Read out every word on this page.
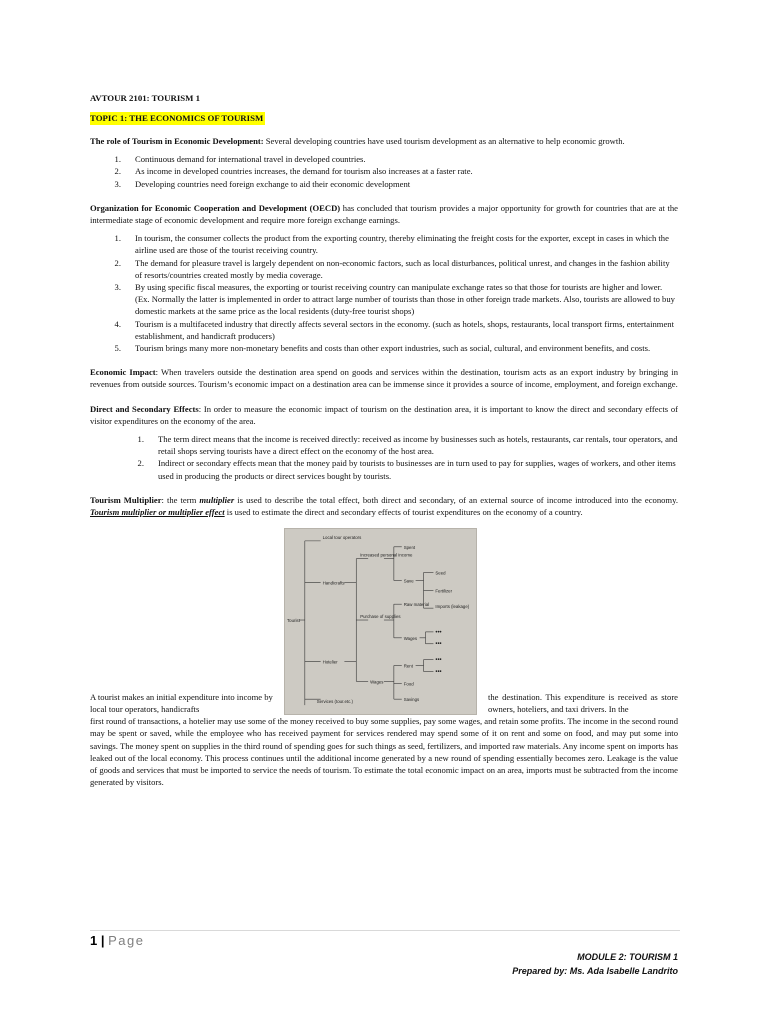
AVTOUR 2101: TOURISM 1

TOPIC 1: THE ECONOMICS OF TOURISM

The role of Tourism in Economic Development: Several developing countries have used tourism development as an alternative to help economic growth.

1.	Continuous demand for international travel in developed countries.
2.	As income in developed countries increases, the demand for tourism also increases at a faster rate.
3.	Developing countries need foreign exchange to aid their economic development

Organization for Economic Cooperation and Development (OECD) has concluded that tourism provides a major opportunity for growth for countries that are at the intermediate stage of economic development and require more foreign exchange earnings.

1.	In tourism, the consumer collects the product from the exporting country, thereby eliminating the freight costs for the exporter, except in cases in which the airline used are those of the tourist receiving country.
2.	The demand for pleasure travel is largely dependent on non-economic factors, such as local disturbances, political unrest, and changes in the fashion ability of resorts/countries created mostly by media coverage.
3.	By using specific fiscal measures, the exporting or tourist receiving country can manipulate exchange rates so that those for tourists are higher and lower. (Ex. Normally the latter is implemented in order to attract large number of tourists than those in other foreign trade markets. Also, tourists are allowed to buy domestic markets at the same price as the local residents (duty-free tourist shops)
4.	Tourism is a multifaceted industry that directly affects several sectors in the economy. (such as hotels, shops, restaurants, local transport firms, entertainment establishment, and handicraft producers)
5.	Tourism brings many more non-monetary benefits and costs than other export industries, such as social, cultural, and environment benefits, and costs.

Economic Impact: When travelers outside the destination area spend on goods and services within the destination, tourism acts as an export industry by bringing in revenues from outside sources. Tourism’s economic impact on a destination area can be immense since it provides a source of income, employment, and foreign exchange.

Direct and Secondary Effects: In order to measure the economic impact of tourism on the destination area, it is important to know the direct and secondary effects of visitor expenditures on the economy of the area.

1.	The term direct means that the income is received directly: received as income by businesses such as hotels, restaurants, car rentals, tour operators, and retail shops serving tourists have a direct effect on the economy of the host area.
2.	Indirect or secondary effects mean that the money paid by tourists to businesses are in turn used to pay for supplies, wages of workers, and other items used in producing the products or direct services bought by tourists.

Tourism Multiplier: the term multiplier is used to describe the total effect, both direct and secondary, of an external source of income introduced into the economy. Tourism multiplier or multiplier effect is used to estimate the direct and secondary effects of tourist expenditures on the economy of a country.

Local tour operators
Handicrafts
Tourist
Hotelier
Services (tour.etc.)
Increased personal income
Purchase of supplies
Wages
Spent
Save
Raw material
Wages
Rent
Food
Savings
Seed
Fertilizer
Imports (leakage)
•••
•••
•••
•••

A tourist makes an initial expenditure into income by local tour operators, handicrafts

the destination. This expenditure is received as store owners, hoteliers, and taxi drivers. In the

first round of transactions, a hotelier may use some of the money received to buy some supplies, pay some wages, and retain some profits. The income in the second round may be spent or saved, while the employee who has received payment for services rendered may spend some of it on rent and some on food, and may put some into savings. The money spent on supplies in the third round of spending goes for such things as seed, fertilizers, and imported raw materials. Any income spent on imports has leaked out of the local economy. This process continues until the additional income generated by a new round of spending essentially becomes zero. Leakage is the value of goods and services that must be imported to service the needs of tourism. To estimate the total economic impact on an area, imports must be subtracted from the income generated by visitors.

1 | Page
MODULE 2: TOURISM 1
Prepared by: Ms. Ada Isabelle Landrito
